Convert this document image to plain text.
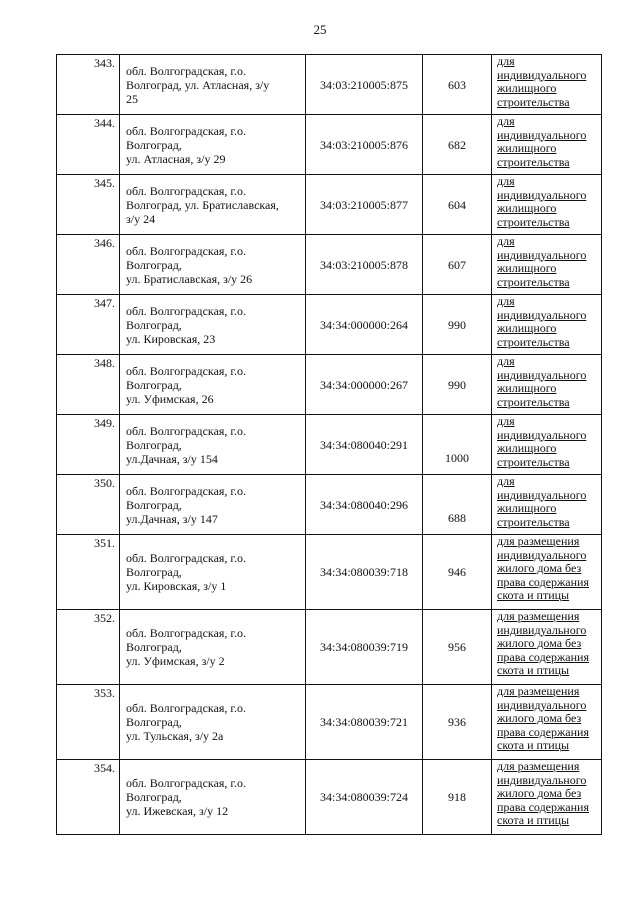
25
343.	обл. Волгоградская, г.о.
Волгоград, ул. Атласная, з/у
25	34:03:210005:875	603	для
индивидуального
жилищного
строительства

344.	обл. Волгоградская, г.о.
Волгоград,
ул. Атласная, з/у 29	34:03:210005:876	682	для
индивидуального
жилищного
строительства

345.	обл. Волгоградская, г.о.
Волгоград, ул. Братиславская,
з/у 24	34:03:210005:877	604	для
индивидуального
жилищного
строительства

346.	обл. Волгоградская, г.о.
Волгоград,
ул. Братиславская, з/у 26	34:03:210005:878	607	для
индивидуального
жилищного
строительства

347.	обл. Волгоградская, г.о.
Волгоград,
ул. Кировская, 23	34:34:000000:264	990	для
индивидуального
жилищного
строительства

348.	обл. Волгоградская, г.о.
Волгоград,
ул. Уфимская, 26	34:34:000000:267	990	для
индивидуального
жилищного
строительства

349.	обл. Волгоградская, г.о.
Волгоград,
ул.Дачная, з/у 154	34:34:080040:291	1000	для
индивидуального
жилищного
строительства

350.	обл. Волгоградская, г.о.
Волгоград,
ул.Дачная, з/у 147	34:34:080040:296	688	для
индивидуального
жилищного
строительства

351.	обл. Волгоградская, г.о.
Волгоград,
ул. Кировская, з/у 1	34:34:080039:718	946	для размещения
индивидуального
жилого дома без
права содержания
скота и птицы

352.	обл. Волгоградская, г.о.
Волгоград,
ул. Уфимская, з/у 2	34:34:080039:719	956	для размещения
индивидуального
жилого дома без
права содержания
скота и птицы

353.	обл. Волгоградская, г.о.
Волгоград,
ул. Тульская, з/у 2а	34:34:080039:721	936	для размещения
индивидуального
жилого дома без
права содержания
скота и птицы

354.	обл. Волгоградская, г.о.
Волгоград,
ул. Ижевская, з/у 12	34:34:080039:724	918	для размещения
индивидуального
жилого дома без
права содержания
скота и птицы
